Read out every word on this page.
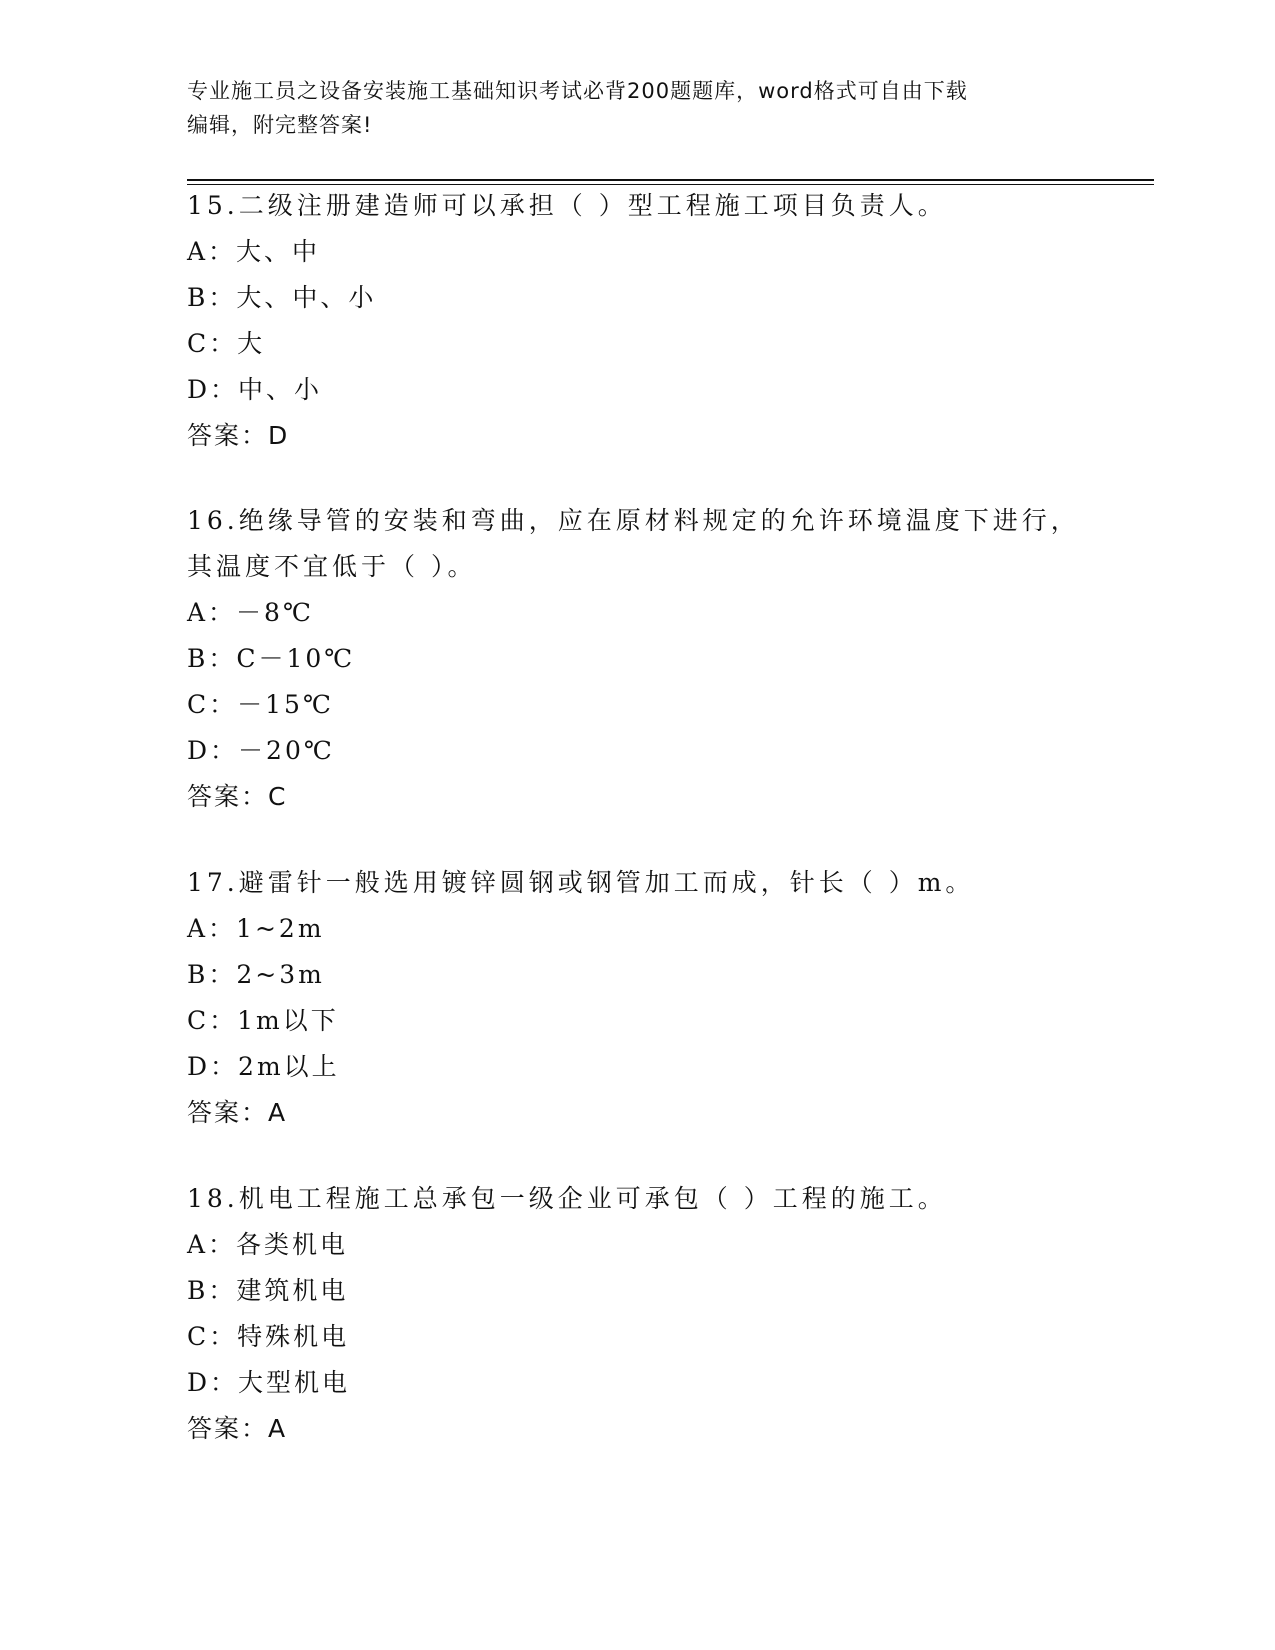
专业施工员之设备安装施工基础知识考试必背200题题库，word格式可自由下载
编辑，附完整答案!
15.二级注册建造师可以承担（ ）型工程施工项目负责人。
A：大、中
B：大、中、小
C：大
D：中、小
答案：D
16.绝缘导管的安装和弯曲，应在原材料规定的允许环境温度下进行，
其温度不宜低于（ ）。
A：－8℃
B：C－10℃
C：－15℃
D：－20℃
答案：C
17.避雷针一般选用镀锌圆钢或钢管加工而成，针长（ ）m。
A：1~2m
B：2~3m
C：1m以下
D：2m以上
答案：A
18.机电工程施工总承包一级企业可承包（ ）工程的施工。
A：各类机电
B：建筑机电
C：特殊机电
D：大型机电
答案：A
